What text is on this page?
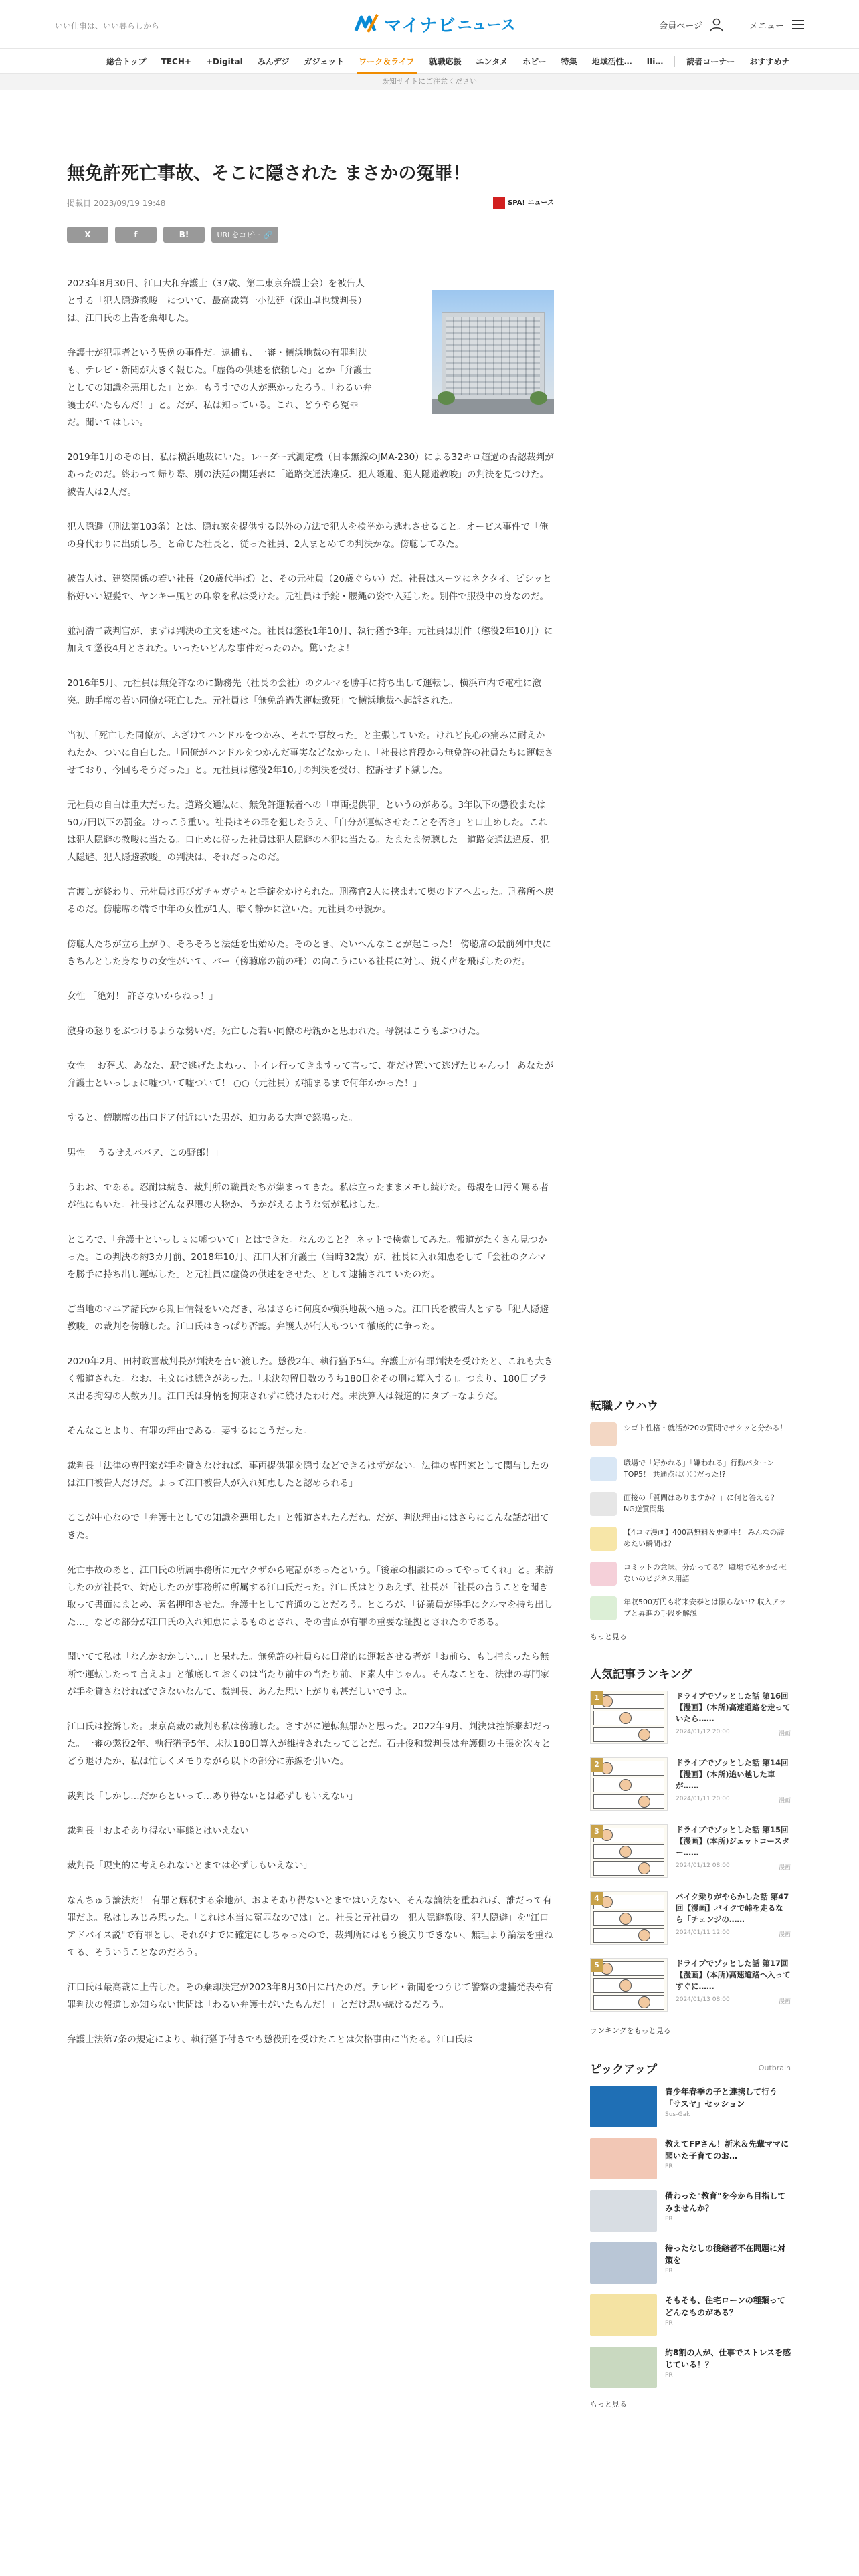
いい仕事は、いい暮らしから	マイナビ ニュース	会員ページ	メニュー
総合トップ	TECH+	+Digital	みんデジ	ガジェット	ワーク＆ライフ	就職応援	エンタメ	ホビー	特集	地域活性…	Ili…	読者コーナー	おすすめナ
既知サイトにご注意ください
無免許死亡事故、そこに隠された まさかの冤罪！
掲載日 2023/09/19 19:48	SPA! ニュース
X	f	B!	URLをコピー 🔗

2023年8月30日、江口大和弁護士（37歳、第二東京弁護士会）を被告人とする「犯人隠避教唆」について、最高裁第一小法廷（深山卓也裁判長）は、江口氏の上告を棄却した。

弁護士が犯罪者という異例の事件だ。逮捕も、一審・横浜地裁の有罪判決も、テレビ・新聞が大きく報じた。「虚偽の供述を依頼した」とか「弁護士としての知識を悪用した」とか。もうすでの人が悪かったろう。「わるい弁護士がいたもんだ！」と。だが、私は知っている。これ、どうやら冤罪だ。聞いてはしい。

2019年1月のその日、私は横浜地裁にいた。レーダー式測定機（日本無線のJMA-230）による32キロ超過の否認裁判があったのだ。終わって帰り際、別の法廷の開廷表に「道路交通法違反、犯人隠避、犯人隠避教唆」の判決を見つけた。被告人は2人だ。

犯人隠避（刑法第103条）とは、隠れ家を提供する以外の方法で犯人を検挙から逃れさせること。オービス事件で「俺の身代わりに出頭しろ」と命じた社長と、従った社員、2人まとめての判決かな。傍聴してみた。

被告人は、建築関係の若い社長（20歳代半ば）と、その元社員（20歳ぐらい）だ。社長はスーツにネクタイ、ピシッと格好いい短髪で、ヤンキー風との印象を私は受けた。元社員は手錠・腰縄の姿で入廷した。別件で服役中の身なのだ。

並河浩二裁判官が、まずは判決の主文を述べた。社長は懲役1年10月、執行猶予3年。元社員は別件（懲役2年10月）に加えて懲役4月とされた。いったいどんな事件だったのか。驚いたよ！

2016年5月、元社員は無免許なのに勤務先（社長の会社）のクルマを勝手に持ち出して運転し、横浜市内で電柱に激突。助手席の若い同僚が死亡した。元社員は「無免許過失運転致死」で横浜地裁へ起訴された。

当初、「死亡した同僚が、ふざけてハンドルをつかみ、それで事故った」と主張していた。けれど良心の痛みに耐えかねたか、ついに自白した。「同僚がハンドルをつかんだ事実などなかった」、「社長は普段から無免許の社員たちに運転させており、今回もそうだった」と。元社員は懲役2年10月の判決を受け、控訴せず下獄した。

元社員の自白は重大だった。道路交通法に、無免許運転者への「車両提供罪」というのがある。3年以下の懲役または50万円以下の罰金。けっこう重い。社長はその罪を犯したうえ、「自分が運転させたことを否さ」と口止めした。これは犯人隠避の教唆に当たる。口止めに従った社員は犯人隠避の本犯に当たる。たまたま傍聴した「道路交通法違反、犯人隠避、犯人隠避教唆」の判決は、それだったのだ。

言渡しが終わり、元社員は再びガチャガチャと手錠をかけられた。刑務官2人に挟まれて奥のドアへ去った。刑務所へ戻るのだ。傍聴席の端で中年の女性が1人、暗く静かに泣いた。元社員の母親か。

傍聴人たちが立ち上がり、そろそろと法廷を出始めた。そのとき、たいへんなことが起こった！ 傍聴席の最前列中央にきちんとした身なりの女性がいて、バー（傍聴席の前の柵）の向こうにいる社長に対し、鋭く声を飛ばしたのだ。

女性 「絶対！ 許さないからねっ！」

激身の怒りをぶつけるような勢いだ。死亡した若い同僚の母親かと思われた。母親はこうもぶつけた。

女性 「お葬式、あなた、駅で逃げたよねっ、トイレ行ってきますって言って、花だけ置いて逃げたじゃんっ！ あなたが弁護士といっしょに嘘ついて嘘ついて！ ○○（元社員）が捕まるまで何年かかった！」

すると、傍聴席の出口ドア付近にいた男が、迫力ある大声で怒鳴った。

男性 「うるせえババア、この野郎！」

うわお、である。忍耐は続き、裁判所の職員たちが集まってきた。私は立ったままメモし続けた。母親を口汚く罵る者が他にもいた。社長はどんな界隈の人物か、うかがえるような気が私はした。

ところで、「弁護士といっしょに嘘ついて」とはできた。なんのこと？ ネットで検索してみた。報道がたくさん見つかった。この判決の約3カ月前、2018年10月、江口大和弁護士（当時32歳）が、社長に入れ知恵をして「会社のクルマを勝手に持ち出し運転した」と元社員に虚偽の供述をさせた、として逮捕されていたのだ。

ご当地のマニア諸氏から期日情報をいただき、私はさらに何度か横浜地裁へ通った。江口氏を被告人とする「犯人隠避教唆」の裁判を傍聴した。江口氏はきっぱり否認。弁護人が何人もついて徹底的に争った。

2020年2月、田村政喜裁判長が判決を言い渡した。懲役2年、執行猶予5年。弁護士が有罪判決を受けたと、これも大きく報道された。なお、主文には続きがあった。「未決勾留日数のうち180日をその刑に算入する」。つまり、180日プラス出る拘勾の人数カ月。江口氏は身柄を拘束されずに続けたわけだ。未決算入は報道的にタブーなようだ。

そんなことより、有罪の理由である。要するにこうだった。

裁判長「法律の専門家が手を貸さなければ、事両提供罪を隠すなどできるはずがない。法律の専門家として関与したのは江口被告人だけだ。よって江口被告人が入れ知恵したと認められる」

ここが中心なので「弁護士としての知識を悪用した」と報道されたんだね。だが、判決理由にはさらにこんな話が出てきた。

死亡事故のあと、江口氏の所属事務所に元ヤクザから電話があったという。「後輩の相談にのってやってくれ」と。来訪したのが社長で、対応したのが事務所に所属する江口氏だった。江口氏はとりあえず、社長が「社長の言うことを聞き取って書面にまとめ、署名押印させた。弁護士として普通のことだろう。ところが、「従業員が勝手にクルマを持ち出した…」などの部分が江口氏の入れ知恵によるものとされ、その書面が有罪の重要な証拠とされたのである。

聞いてて私は「なんかおかしい…」と呆れた。無免許の社員らに日常的に運転させる者が「お前ら、もし捕まったら無断で運転したって言えよ」と徹底しておくのは当たり前中の当たり前、ド素人中じゃん。そんなことを、法律の専門家が手を貸さなければできないなんて、裁判長、あんた思い上がりも甚だしいですよ。

江口氏は控訴した。東京高裁の裁判も私は傍聴した。さすがに逆転無罪かと思った。2022年9月、判決は控訴棄却だった。一審の懲役2年、執行猶予5年、未決180日算入が維持されたってことだ。石井俊和裁判長は弁護側の主張を次々とどう退けたか、私は忙しくメモりながら以下の部分に赤線を引いた。

裁判長「しかし…だからといって…あり得ないとは必ずしもいえない」

裁判長「およそあり得ない事態とはいえない」

裁判長「現実的に考えられないとまでは必ずしもいえない」

なんちゅう論法だ！ 有罪と解釈する余地が、およそあり得ないとまではいえない、そんな論法を重ねれば、誰だって有罪だよ。私はしみじみ思った。「これは本当に冤罪なのでは」と。社長と元社員の「犯人隠避教唆、犯人隠避」を"江口アドバイス説"で有罪とし、それがすでに確定にしちゃったので、裁判所にはもう後戻りできない、無理より論法を重ねてる、そういうことなのだろう。

江口氏は最高裁に上告した。その棄却決定が2023年8月30日に出たのだ。テレビ・新聞をつうじて警察の逮捕発表や有罪判決の報道しか知らない世間は「わるい弁護士がいたもんだ！」とだけ思い続けるだろう。

弁護士法第7条の規定により、執行猶予付きでも懲役刑を受けたことは欠格事由に当たる。江口氏は

転職ノウハウ
シゴト性格・就活が20の質問でサクッと分かる！
職場で「好かれる」「嫌われる」行動パターンTOP5！ 共通点は〇〇だった!?
面接の「質問はありますか？」に何と答える？ NG逆質問集
【4コマ漫画】400話無料＆更新中！ みんなの辞めたい瞬間は？
コミットの意味、分かってる？ 職場で私をかかせないのビジネス用語
年収500万円も将来安泰とは限らない!? 収入アップと昇進の手段を解説
もっと見る
人気記事ランキング
1	ドライブでゾッとした話 第16回【漫画】(本所)高速道路を走っていたら……
2024/01/12 20:00	漫画
2	ドライブでゾッとした話 第14回【漫画】(本所)追い越した車が……
2024/01/11 20:00	漫画
3	ドライブでゾッとした話 第15回【漫画】(本所)ジェットコースター……
2024/01/12 08:00	漫画
4	バイク乗りがやらかした話 第47回【漫画】バイクで峠を走るなら「チェンジの……
2024/01/11 12:00	漫画
5	ドライブでゾッとした話 第17回【漫画】(本所)高速道路へ入ってすぐに……
2024/01/13 08:00	漫画
ランキングをもっと見る
ピックアップ	Outbrain
青少年春季の子と連携して行う「サスヤ」セッション
Sus-Gak
教えてFPさん！新米＆先輩ママに聞いた子育てのお…
PR
備わった"教育"を今から目指してみませんか？
PR
待ったなしの後継者不在問題に対策を
PR
そもそも、住宅ローンの種類ってどんなものがある？
PR
約8割の人が、仕事でストレスを感じている！？
PR
もっと見る
